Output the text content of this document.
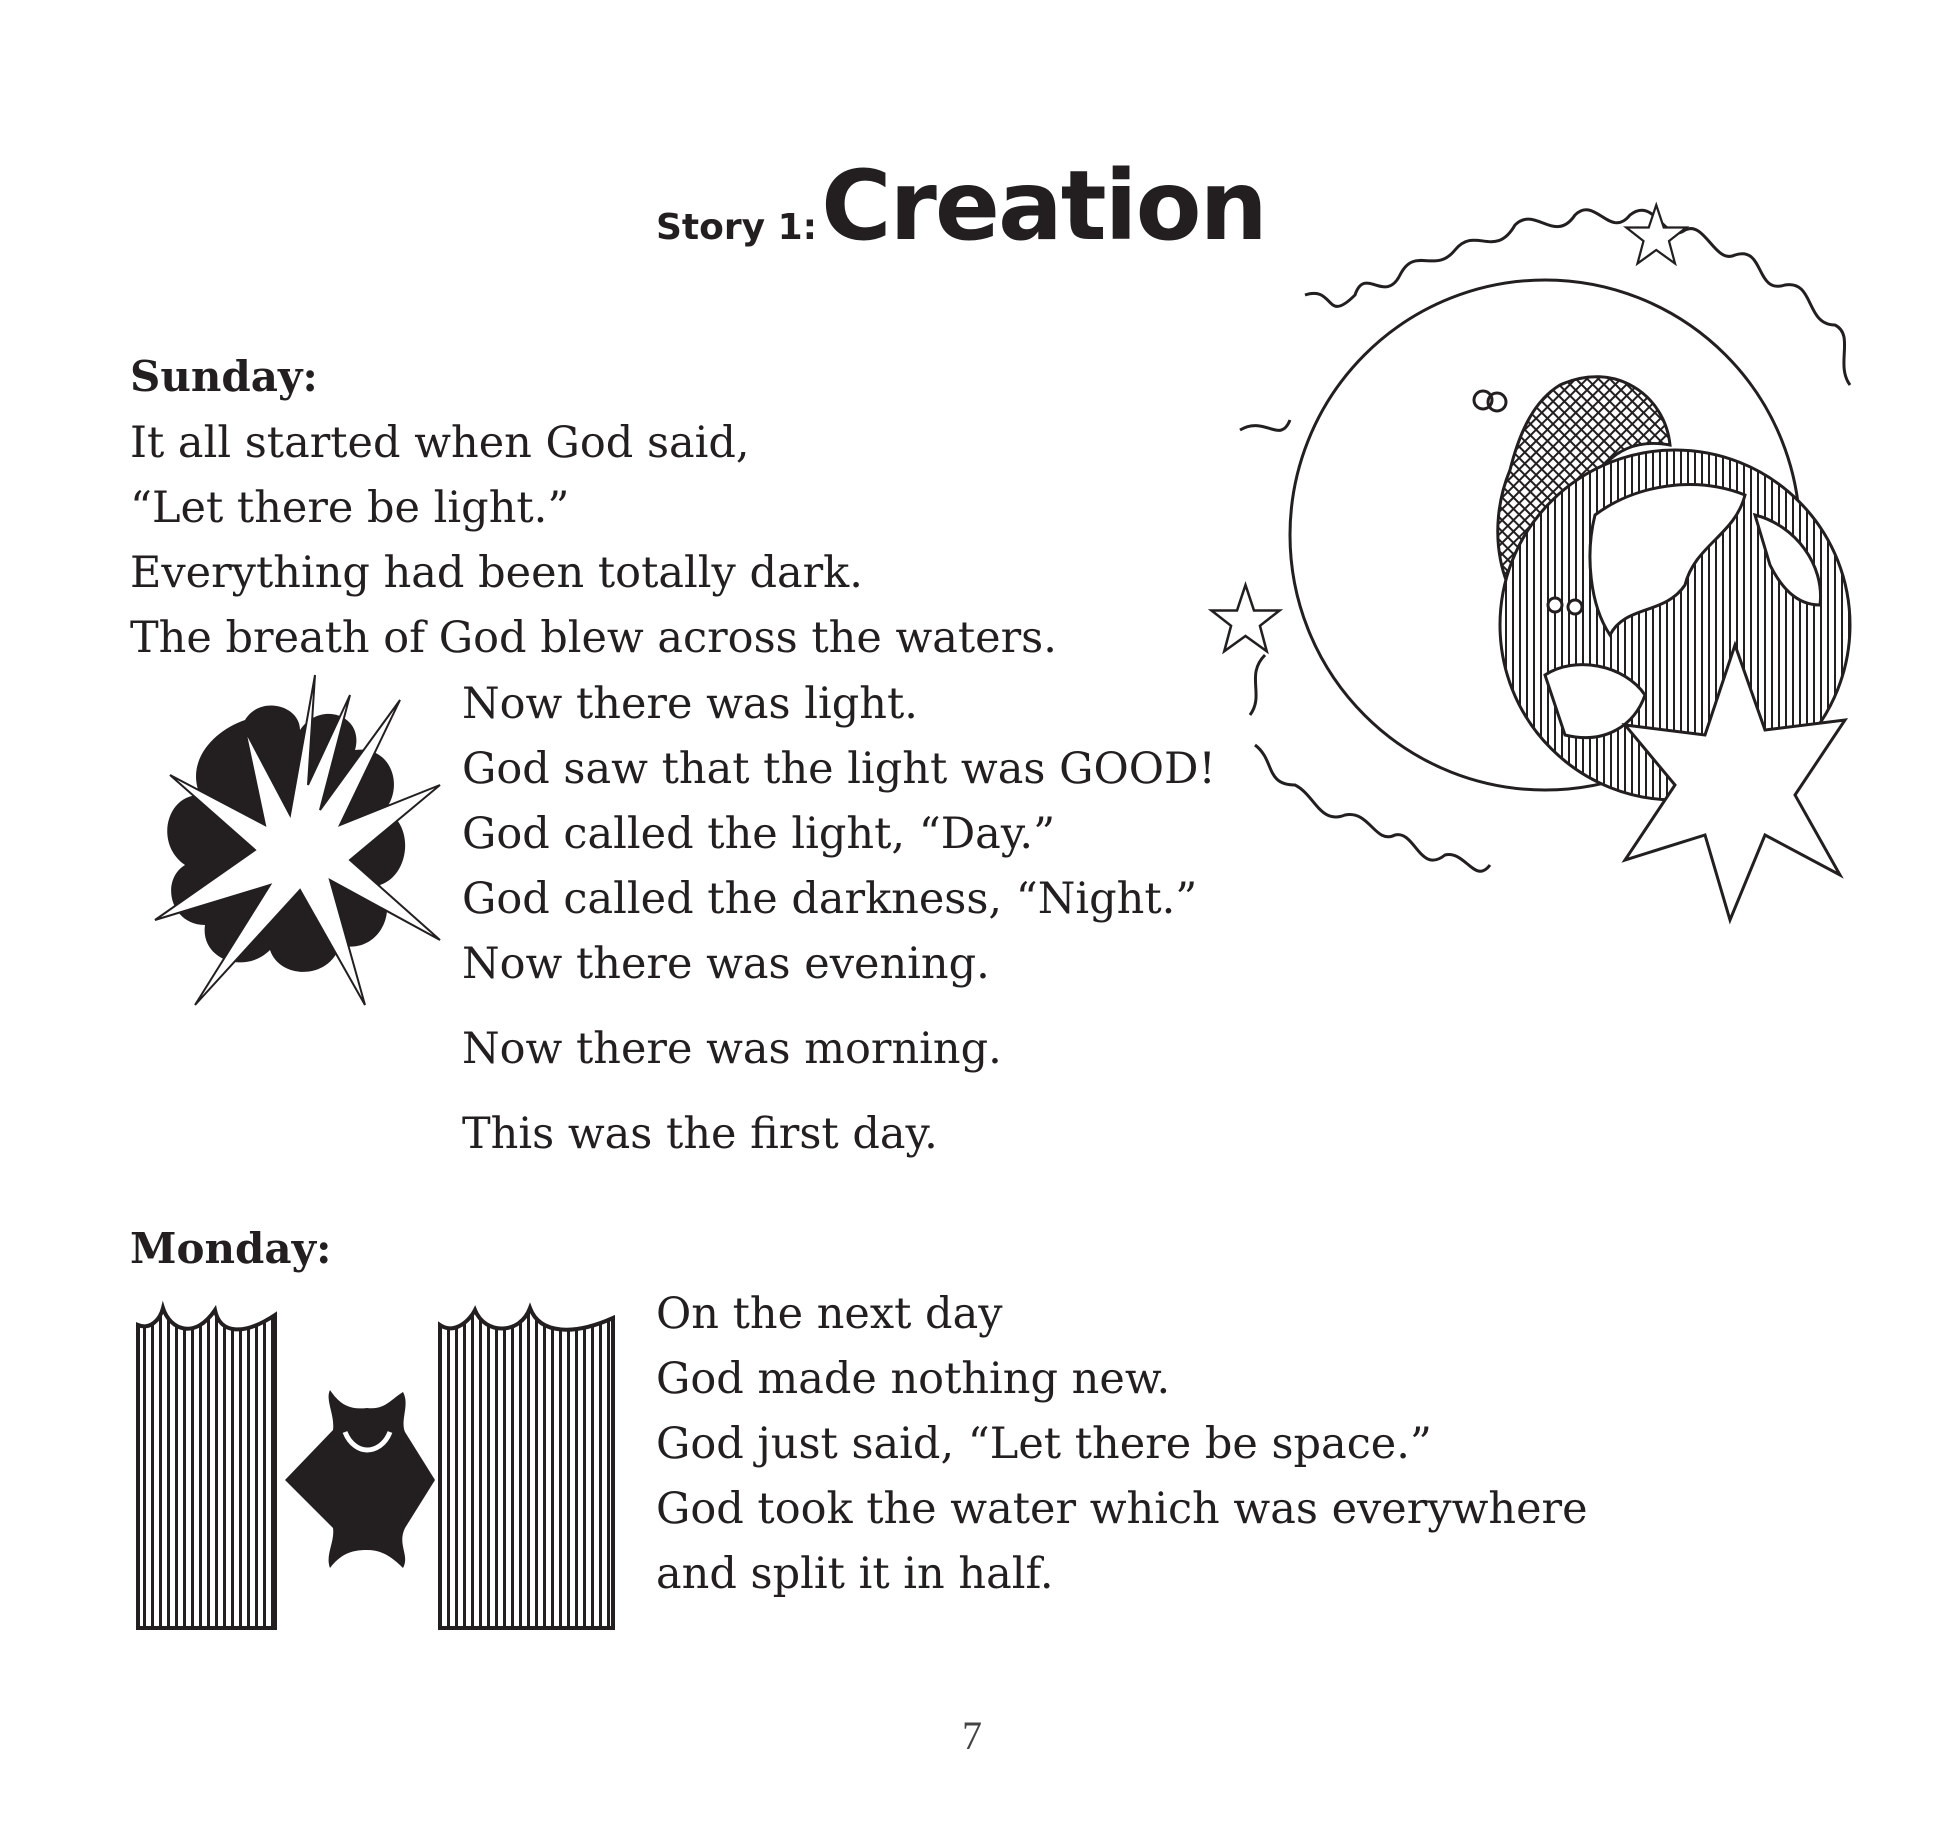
Story 1: Creation
Sunday:
It all started when God said,
“Let there be light.”
Everything had been totally dark.
The breath of God blew across the waters.
Now there was light.
God saw that the light was GOOD!
God called the light, “Day.”
God called the darkness, “Night.”
Now there was evening.
Now there was morning.
This was the first day.
Monday:
On the next day
God made nothing new.
God just said, “Let there be space.”
God took the water which was everywhere
and split it in half.
7
